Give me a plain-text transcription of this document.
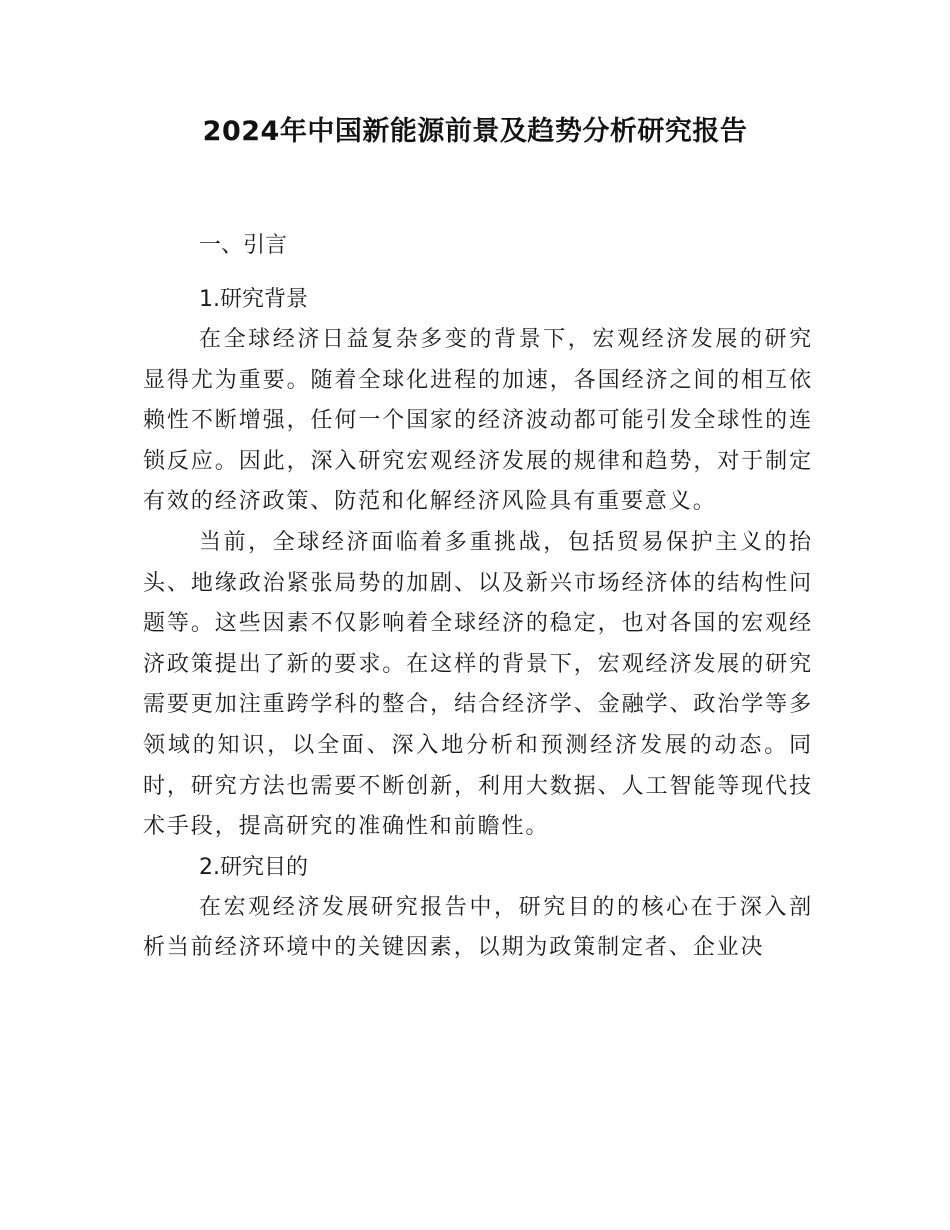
2024年中国新能源前景及趋势分析研究报告
一、引言
1.研究背景

在全球经济日益复杂多变的背景下，宏观经济发展的研究显得尤为重要。随着全球化进程的加速，各国经济之间的相互依赖性不断增强，任何一个国家的经济波动都可能引发全球性的连锁反应。因此，深入研究宏观经济发展的规律和趋势，对于制定有效的经济政策、防范和化解经济风险具有重要意义。

当前，全球经济面临着多重挑战，包括贸易保护主义的抬头、地缘政治紧张局势的加剧、以及新兴市场经济体的结构性问题等。这些因素不仅影响着全球经济的稳定，也对各国的宏观经济政策提出了新的要求。在这样的背景下，宏观经济发展的研究需要更加注重跨学科的整合，结合经济学、金融学、政治学等多领域的知识，以全面、深入地分析和预测经济发展的动态。同时，研究方法也需要不断创新，利用大数据、人工智能等现代技术手段，提高研究的准确性和前瞻性。

2.研究目的

在宏观经济发展研究报告中，研究目的的核心在于深入剖析当前经济环境中的关键因素，以期为政策制定者、企业决
